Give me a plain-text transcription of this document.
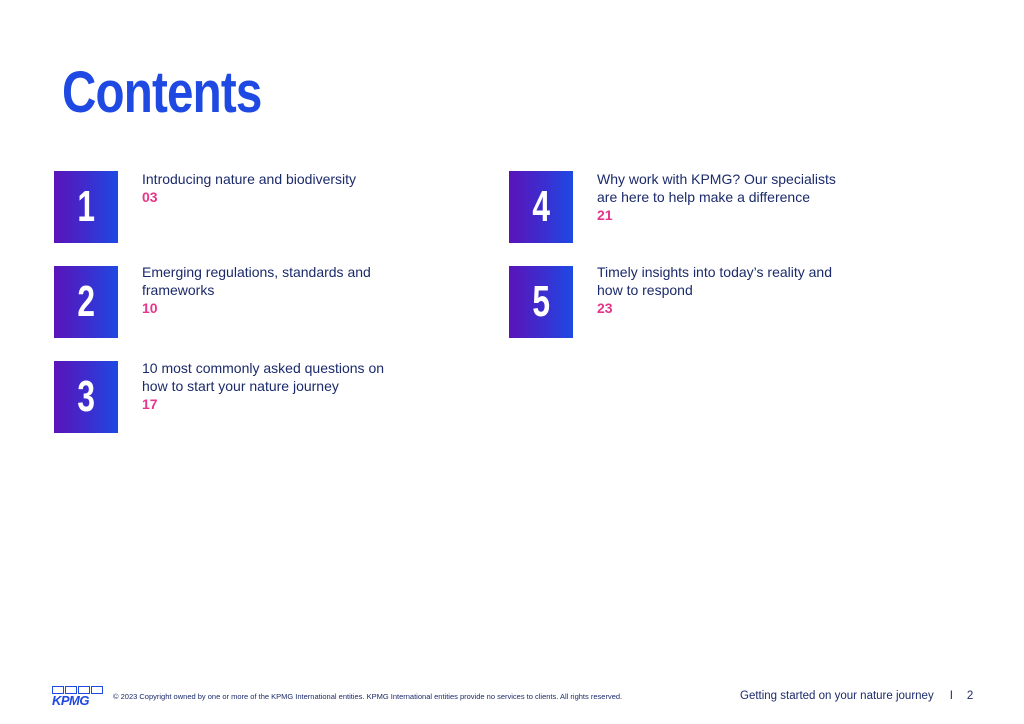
Contents
1
Introducing nature and biodiversity
03
2
Emerging regulations, standards and frameworks
10
3
10 most commonly asked questions on how to start your nature journey
17
4
Why work with KPMG? Our specialists are here to help make a difference
21
5
Timely insights into today’s reality and how to respond
23
KPMG	© 2023 Copyright owned by one or more of the KPMG International entities. KPMG International entities provide no services to clients. All rights reserved.	Getting started on your nature journey I 2
